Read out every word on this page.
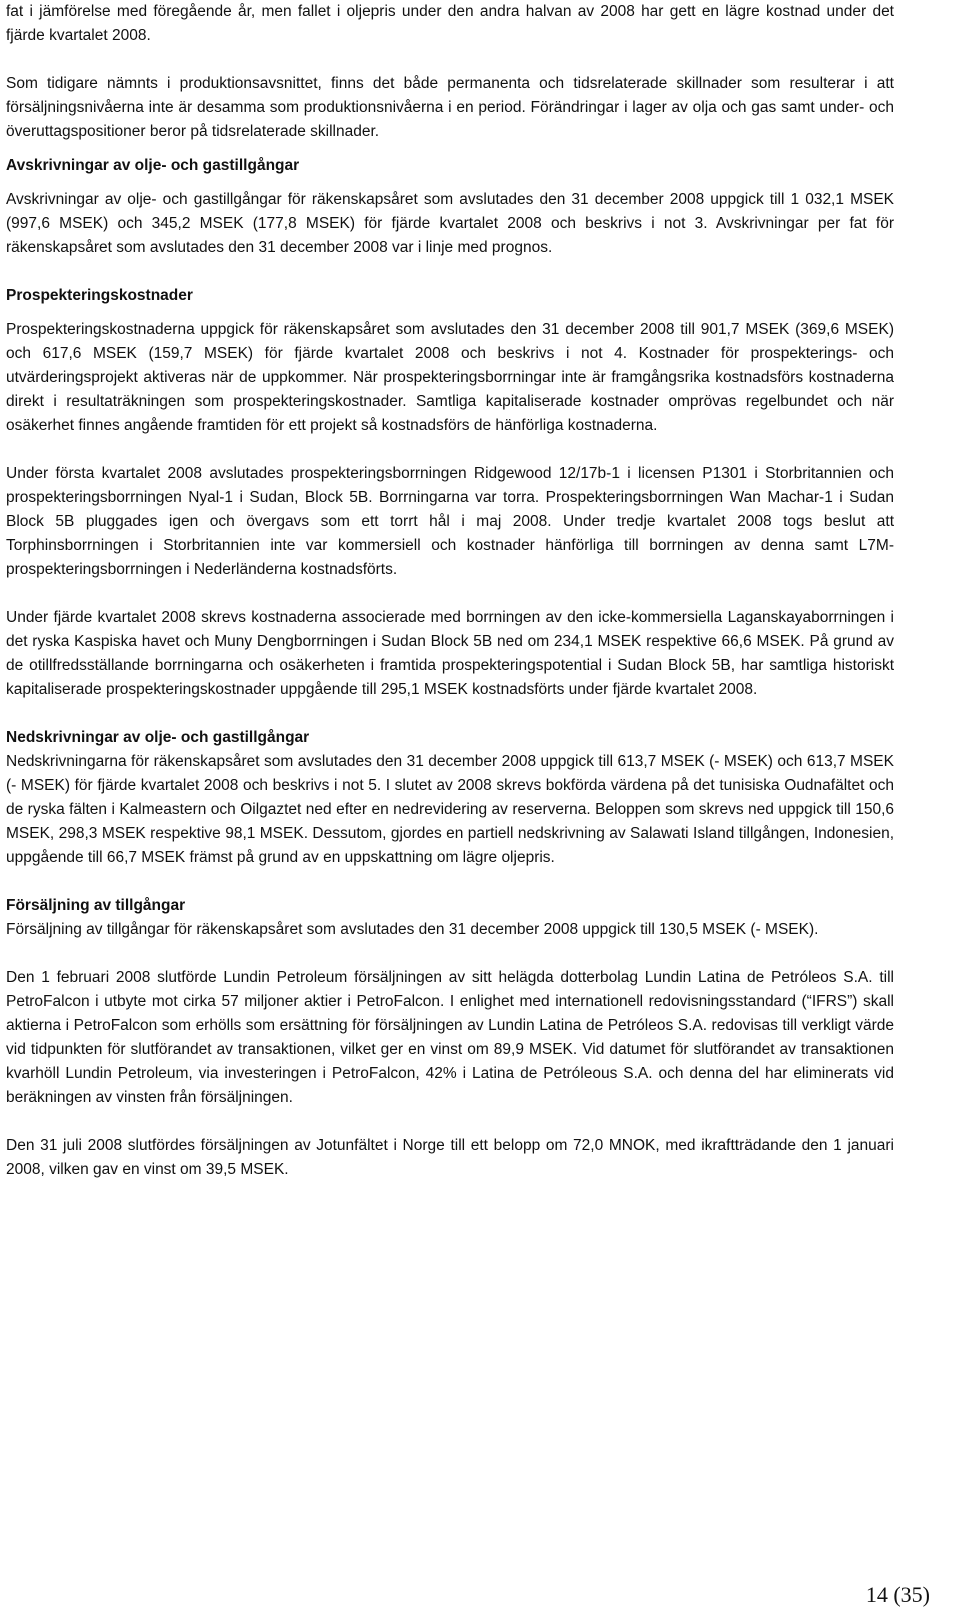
fat i jämförelse med föregående år, men fallet i oljepris under den andra halvan av 2008 har gett en lägre kostnad under det fjärde kvartalet 2008.

Som tidigare nämnts i produktionsavsnittet, finns det både permanenta och tidsrelaterade skillnader som resulterar i att försäljningsnivåerna inte är desamma som produktionsnivåerna i en period. Förändringar i lager av olja och gas samt under- och överuttagspositioner beror på tidsrelaterade skillnader.

Avskrivningar av olje- och gastillgångar

Avskrivningar av olje- och gastillgångar för räkenskapsåret som avslutades den 31 december 2008 uppgick till 1 032,1 MSEK (997,6 MSEK) och 345,2 MSEK (177,8 MSEK) för fjärde kvartalet 2008 och beskrivs i not 3. Avskrivningar per fat för räkenskapsåret som avslutades den 31 december 2008 var i linje med prognos.

Prospekteringskostnader

Prospekteringskostnaderna uppgick för räkenskapsåret som avslutades den 31 december 2008 till 901,7 MSEK (369,6 MSEK) och 617,6 MSEK (159,7 MSEK) för fjärde kvartalet 2008 och beskrivs i not 4. Kostnader för prospekterings- och utvärderingsprojekt aktiveras när de uppkommer. När prospekteringsborrningar inte är framgångsrika kostnadsförs kostnaderna direkt i resultaträkningen som prospekteringskostnader. Samtliga kapitaliserade kostnader omprövas regelbundet och när osäkerhet finnes angående framtiden för ett projekt så kostnadsförs de hänförliga kostnaderna.

Under första kvartalet 2008 avslutades prospekteringsborrningen Ridgewood 12/17b-1 i licensen P1301 i Storbritannien och prospekteringsborrningen Nyal-1 i Sudan, Block 5B. Borrningarna var torra. Prospekteringsborrningen Wan Machar-1 i Sudan Block 5B pluggades igen och övergavs som ett torrt hål i maj 2008. Under tredje kvartalet 2008 togs beslut att Torphinsborrningen i Storbritannien inte var kommersiell och kostnader hänförliga till borrningen av denna samt L7M-prospekteringsborrningen i Nederländerna kostnadsförts.

Under fjärde kvartalet 2008 skrevs kostnaderna associerade med borrningen av den icke-kommersiella Laganskayaborrningen i det ryska Kaspiska havet och Muny Dengborrningen i Sudan Block 5B ned om 234,1 MSEK respektive 66,6 MSEK. På grund av de otillfredsställande borrningarna och osäkerheten i framtida prospekteringspotential i Sudan Block 5B, har samtliga historiskt kapitaliserade prospekteringskostnader uppgående till 295,1 MSEK kostnadsförts under fjärde kvartalet 2008.

Nedskrivningar av olje- och gastillgångar

Nedskrivningarna för räkenskapsåret som avslutades den 31 december 2008 uppgick till 613,7 MSEK (- MSEK) och 613,7 MSEK (- MSEK) för fjärde kvartalet 2008 och beskrivs i not 5. I slutet av 2008 skrevs bokförda värdena på det tunisiska Oudnafältet och de ryska fälten i Kalmeastern och Oilgaztet ned efter en nedrevidering av reserverna. Beloppen som skrevs ned uppgick till 150,6 MSEK, 298,3 MSEK respektive 98,1 MSEK. Dessutom, gjordes en partiell nedskrivning av Salawati Island tillgången, Indonesien, uppgående till 66,7 MSEK främst på grund av en uppskattning om lägre oljepris.

Försäljning av tillgångar

Försäljning av tillgångar för räkenskapsåret som avslutades den 31 december 2008 uppgick till 130,5 MSEK (- MSEK).

Den 1 februari 2008 slutförde Lundin Petroleum försäljningen av sitt helägda dotterbolag Lundin Latina de Petróleos S.A. till PetroFalcon i utbyte mot cirka 57 miljoner aktier i PetroFalcon. I enlighet med internationell redovisningsstandard (“IFRS”) skall aktierna i PetroFalcon som erhölls som ersättning för försäljningen av Lundin Latina de Petróleos S.A. redovisas till verkligt värde vid tidpunkten för slutförandet av transaktionen, vilket ger en vinst om 89,9 MSEK. Vid datumet för slutförandet av transaktionen kvarhöll Lundin Petroleum, via investeringen i PetroFalcon, 42% i Latina de Petróleous S.A. och denna del har eliminerats vid beräkningen av vinsten från försäljningen.

Den 31 juli 2008 slutfördes försäljningen av Jotunfältet i Norge till ett belopp om 72,0 MNOK, med ikraftträdande den 1 januari 2008, vilken gav en vinst om 39,5 MSEK.

14 (35)
